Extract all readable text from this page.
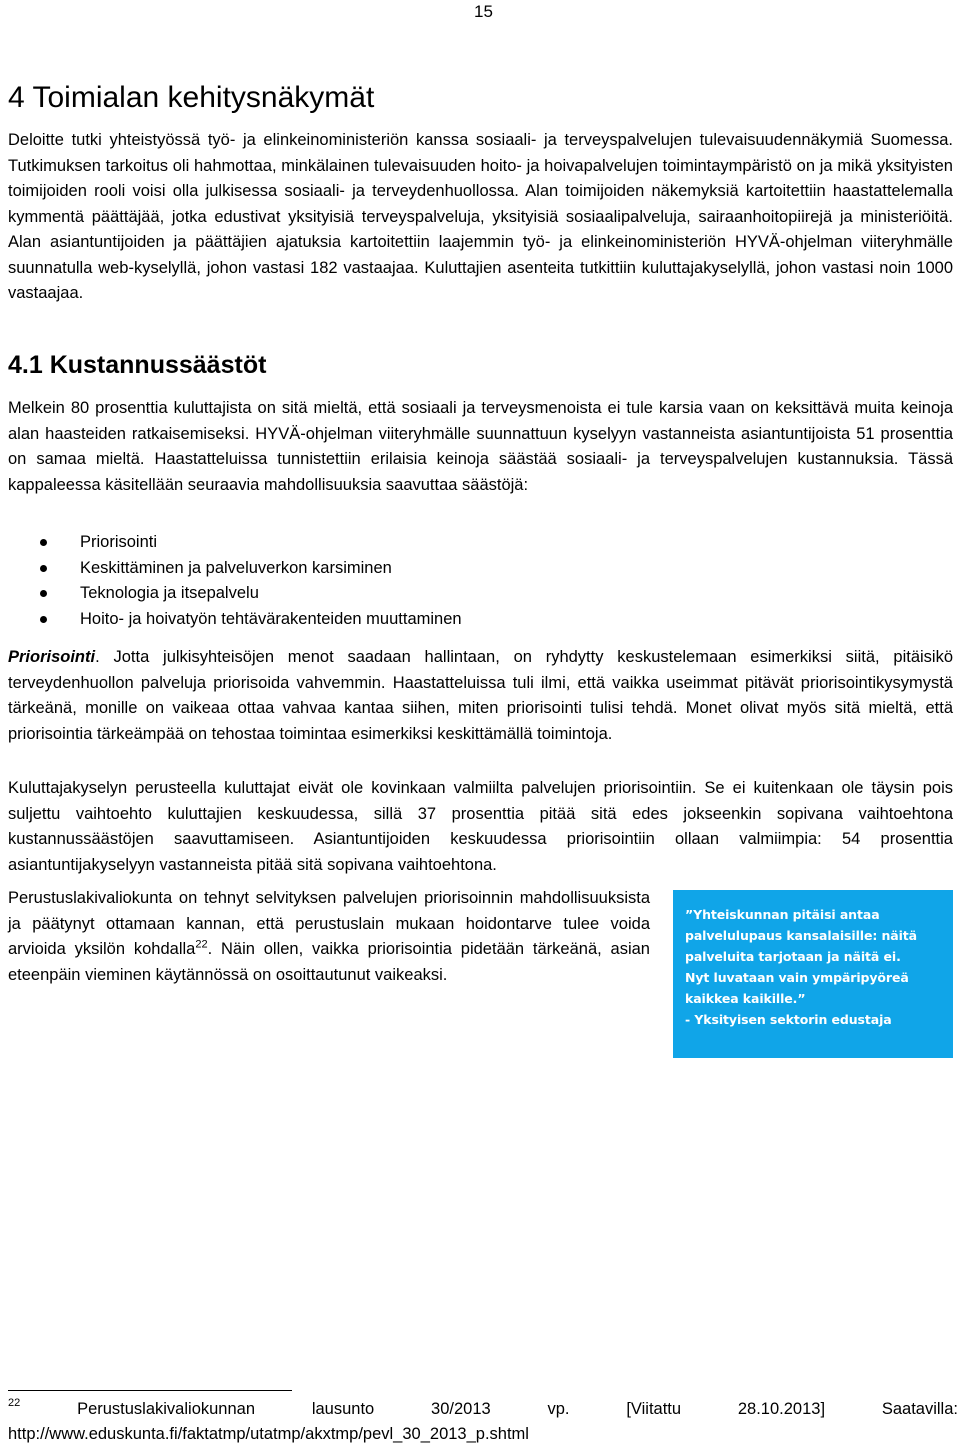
15
4 Toimialan kehitysnäkymät

Deloitte tutki yhteistyössä työ- ja elinkeinoministeriön kanssa sosiaali- ja terveyspalvelujen tulevaisuudennäkymiä Suomessa. Tutkimuksen tarkoitus oli hahmottaa, minkälainen tulevaisuuden hoito- ja hoivapalvelujen toimintaympäristö on ja mikä yksityisten toimijoiden rooli voisi olla julkisessa sosiaali- ja terveydenhuollossa. Alan toimijoiden näkemyksiä kartoitettiin haastattelemalla kymmentä päättäjää, jotka edustivat yksityisiä terveyspalveluja, yksityisiä sosiaalipalveluja, sairaanhoitopiirejä ja ministeriöitä. Alan asiantuntijoiden ja päättäjien ajatuksia kartoitettiin laajemmin työ- ja elinkeinoministeriön HYVÄ-ohjelman viiteryhmälle suunnatulla web-kyselyllä, johon vastasi 182 vastaajaa. Kuluttajien asenteita tutkittiin kuluttajakyselyllä, johon vastasi noin 1000 vastaajaa.

4.1 Kustannussäästöt

Melkein 80 prosenttia kuluttajista on sitä mieltä, että sosiaali ja terveysmenoista ei tule karsia vaan on keksittävä muita keinoja alan haasteiden ratkaisemiseksi. HYVÄ-ohjelman viiteryhmälle suunnattuun kyselyyn vastanneista asiantuntijoista 51 prosenttia on samaa mieltä. Haastatteluissa tunnistettiin erilaisia keinoja säästää sosiaali- ja terveyspalvelujen kustannuksia. Tässä kappaleessa käsitellään seuraavia mahdollisuuksia saavuttaa säästöjä:

Priorisointi
Keskittäminen ja palveluverkon karsiminen
Teknologia ja itsepalvelu
Hoito- ja hoivatyön tehtävärakenteiden muuttaminen

Priorisointi. Jotta julkisyhteisöjen menot saadaan hallintaan, on ryhdytty keskustelemaan esimerkiksi siitä, pitäisikö terveydenhuollon palveluja priorisoida vahvemmin. Haastatteluissa tuli ilmi, että vaikka useimmat pitävät priorisointikysymystä tärkeänä, monille on vaikeaa ottaa vahvaa kantaa siihen, miten priorisointi tulisi tehdä. Monet olivat myös sitä mieltä, että priorisointia tärkeämpää on tehostaa toimintaa esimerkiksi keskittämällä toimintoja.

Kuluttajakyselyn perusteella kuluttajat eivät ole kovinkaan valmiilta palvelujen priorisointiin. Se ei kuitenkaan ole täysin pois suljettu vaihtoehto kuluttajien keskuudessa, sillä 37 prosenttia pitää sitä edes jokseenkin sopivana vaihtoehtona kustannussäästöjen saavuttamiseen. Asiantuntijoiden keskuudessa priorisointiin ollaan valmiimpia: 54 prosenttia asiantuntijakyselyyn vastanneista pitää sitä sopivana vaihtoehtona.

Perustuslakivaliokunta on tehnyt selvityksen palvelujen priorisoinnin mahdollisuuksista ja päätynyt ottamaan kannan, että perustuslain mukaan hoidontarve tulee voida arvioida yksilön kohdalla$^{22}$. Näin ollen, vaikka priorisointia pidetään tärkeänä, asian eteenpäin vieminen käytännössä on osoittautunut vaikeaksi.

”Yhteiskunnan pitäisi antaa
palvelulupaus kansalaisille: näitä
palveluita tarjotaan ja näitä ei.
Nyt luvataan vain ympäripyöreä
kaikkea kaikille.”
- Yksityisen sektorin edustaja
22	Perustuslakivaliokunnan	lausunto	30/2013	vp.	[Viitattu	28.10.2013]	Saatavilla:
http://www.eduskunta.fi/faktatmp/utatmp/akxtmp/pevl_30_2013_p.shtml
